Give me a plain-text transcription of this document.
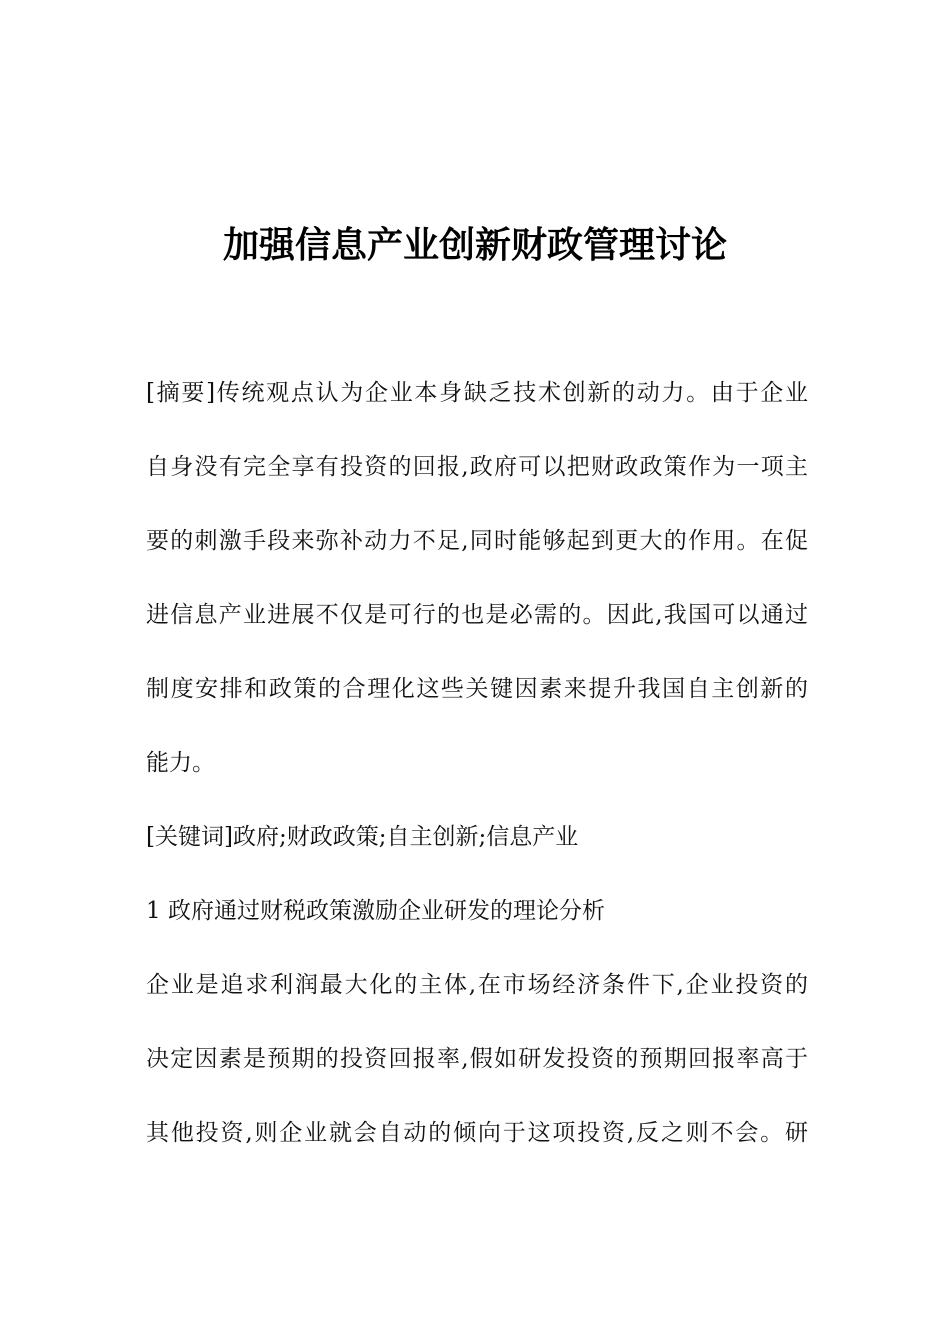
加强信息产业创新财政管理讨论
[摘要]传统观点认为企业本身缺乏技术创新的动力。由于企业
自身没有完全享有投资的回报,政府可以把财政政策作为一项主
要的刺激手段来弥补动力不足,同时能够起到更大的作用。在促
进信息产业进展不仅是可行的也是必需的。因此,我国可以通过
制度安排和政策的合理化这些关键因素来提升我国自主创新的
能力。
[关键词]政府;财政政策;自主创新;信息产业
1 政府通过财税政策激励企业研发的理论分析
企业是追求利润最大化的主体,在市场经济条件下,企业投资的
决定因素是预期的投资回报率,假如研发投资的预期回报率高于
其他投资,则企业就会自动的倾向于这项投资,反之则不会。研
